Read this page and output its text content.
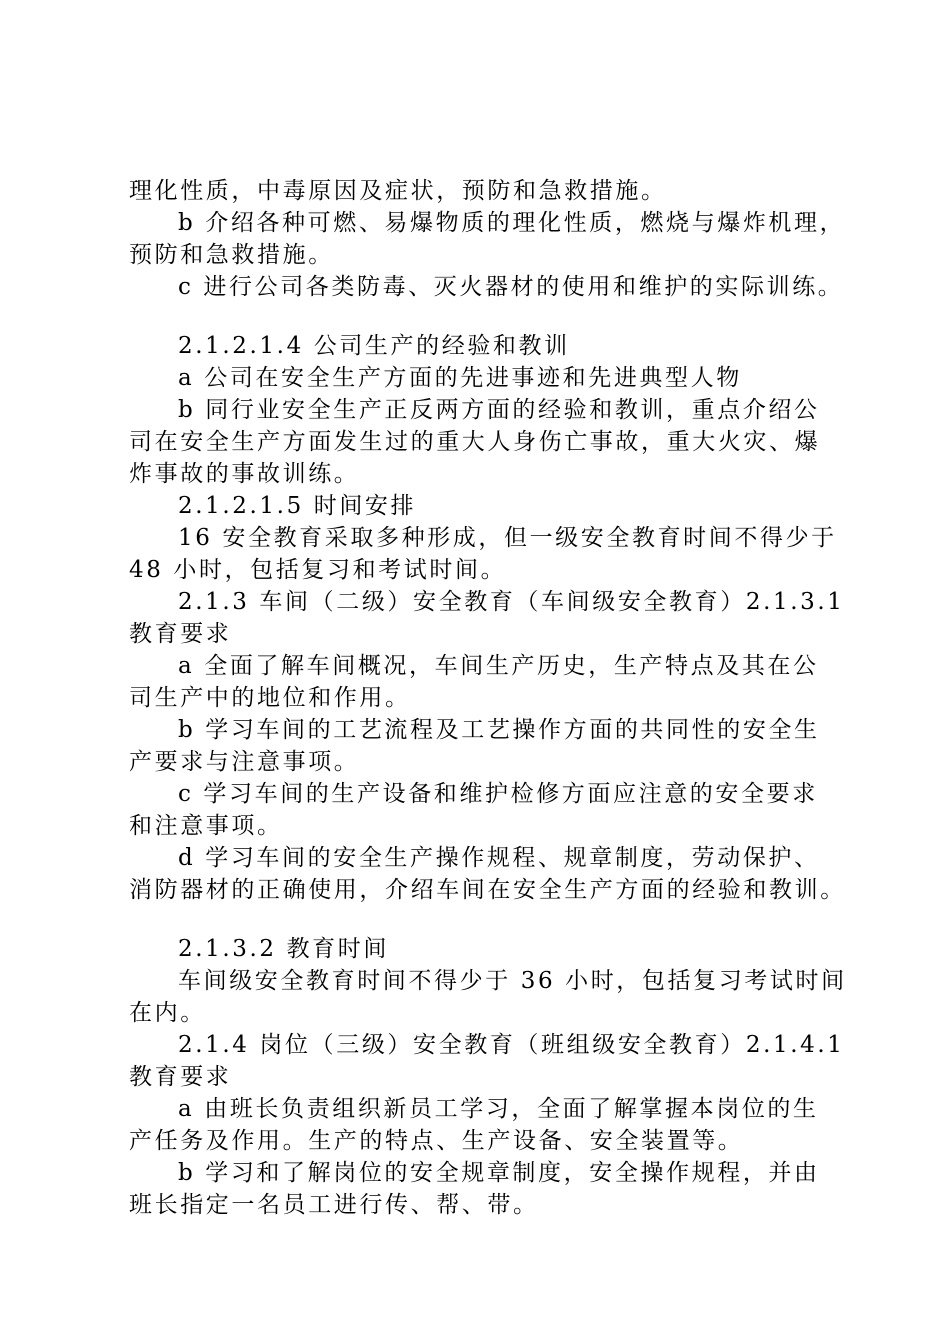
理化性质，中毒原因及症状，预防和急救措施。
b 介绍各种可燃、易爆物质的理化性质，燃烧与爆炸机理，
预防和急救措施。
c 进行公司各类防毒、灭火器材的使用和维护的实际训练。
2.1.2.1.4 公司生产的经验和教训
a 公司在安全生产方面的先进事迹和先进典型人物
b 同行业安全生产正反两方面的经验和教训，重点介绍公
司在安全生产方面发生过的重大人身伤亡事故，重大火灾、爆
炸事故的事故训练。
2.1.2.1.5 时间安排
16 安全教育采取多种形成，但一级安全教育时间不得少于
48 小时，包括复习和考试时间。
2.1.3 车间（二级）安全教育（车间级安全教育）2.1.3.1
教育要求
a 全面了解车间概况，车间生产历史，生产特点及其在公
司生产中的地位和作用。
b 学习车间的工艺流程及工艺操作方面的共同性的安全生
产要求与注意事项。
c 学习车间的生产设备和维护检修方面应注意的安全要求
和注意事项。
d 学习车间的安全生产操作规程、规章制度，劳动保护、
消防器材的正确使用，介绍车间在安全生产方面的经验和教训。
2.1.3.2 教育时间
车间级安全教育时间不得少于 36 小时，包括复习考试时间
在内。
2.1.4 岗位（三级）安全教育（班组级安全教育）2.1.4.1
教育要求
a 由班长负责组织新员工学习，全面了解掌握本岗位的生
产任务及作用。生产的特点、生产设备、安全装置等。
b 学习和了解岗位的安全规章制度，安全操作规程，并由
班长指定一名员工进行传、帮、带。
